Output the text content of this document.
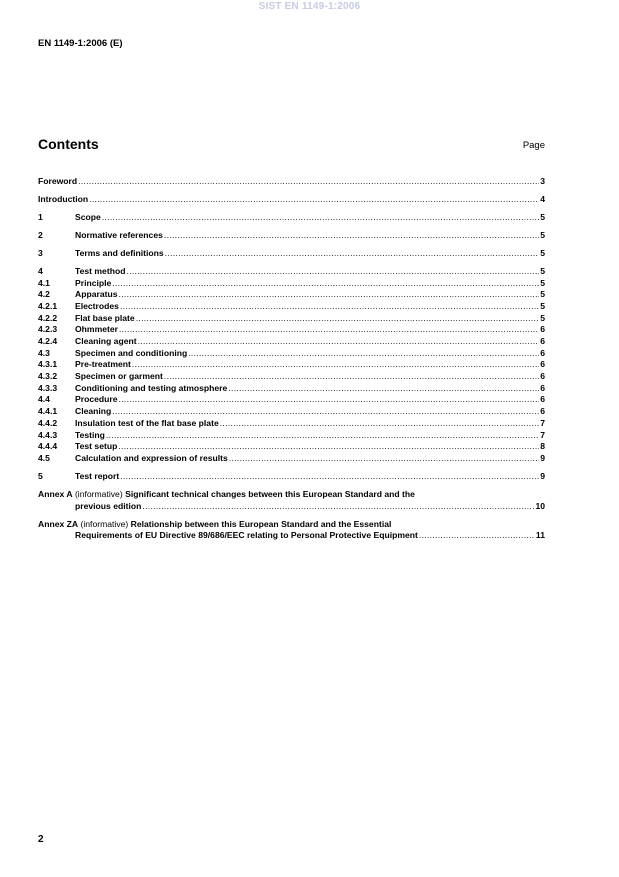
SIST EN 1149-1:2006
EN 1149-1:2006 (E)
Contents	Page
Foreword .....	3
Introduction .....	4
1	Scope .....	5
2	Normative references .....	5
3	Terms and definitions .....	5
4	Test method .....	5
4.1	Principle .....	5
4.2	Apparatus .....	5
4.2.1	Electrodes .....	5
4.2.2	Flat base plate .....	5
4.2.3	Ohmmeter .....	6
4.2.4	Cleaning agent .....	6
4.3	Specimen and conditioning .....	6
4.3.1	Pre-treatment .....	6
4.3.2	Specimen or garment .....	6
4.3.3	Conditioning and testing atmosphere .....	6
4.4	Procedure .....	6
4.4.1	Cleaning .....	6
4.4.2	Insulation test of the flat base plate .....	7
4.4.3	Testing .....	7
4.4.4	Test setup .....	8
4.5	Calculation and expression of results .....	9
5	Test report .....	9
Annex A (informative) Significant technical changes between this European Standard and the
previous edition .....	10
Annex ZA (informative) Relationship between this European Standard and the Essential
Requirements of EU Directive 89/686/EEC relating to Personal Protective Equipment .....	11
2
